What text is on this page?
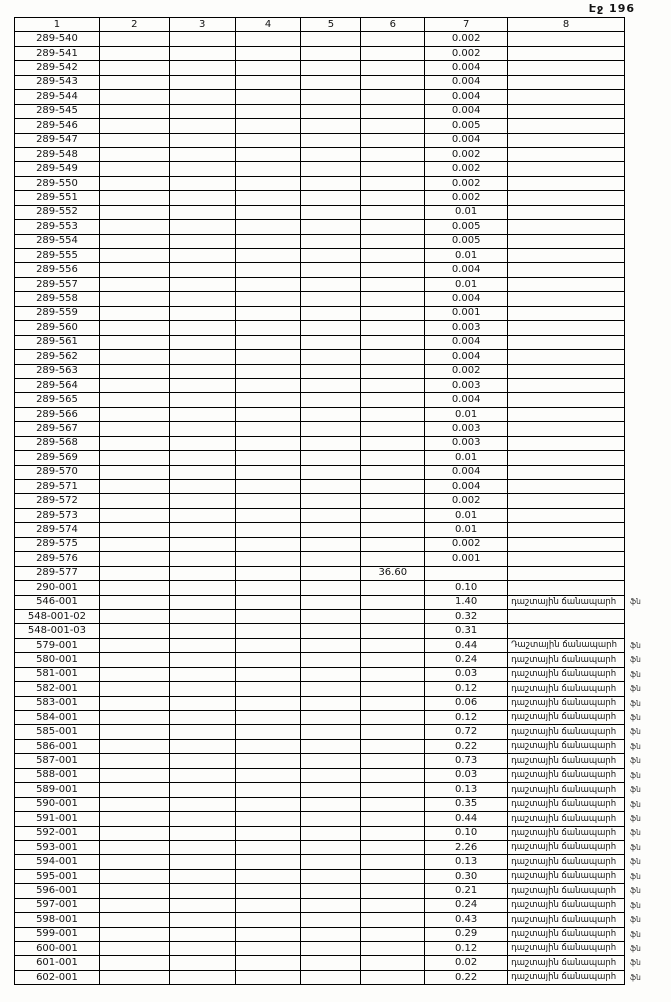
Էջ 196
1	2	3	4	5	6	7	8	
289-540						0.002		
289-541						0.002		
289-542						0.004		
289-543						0.004		
289-544						0.004		
289-545						0.004		
289-546						0.005		
289-547						0.004		
289-548						0.002		
289-549						0.002		
289-550						0.002		
289-551						0.002		
289-552						0.01		
289-553						0.005		
289-554						0.005		
289-555						0.01		
289-556						0.004		
289-557						0.01		
289-558						0.004		
289-559						0.001		
289-560						0.003		
289-561						0.004		
289-562						0.004		
289-563						0.002		
289-564						0.003		
289-565						0.004		
289-566						0.01		
289-567						0.003		
289-568						0.003		
289-569						0.01		
289-570						0.004		
289-571						0.004		
289-572						0.002		
289-573						0.01		
289-574						0.01		
289-575						0.002		
289-576						0.001		
289-577					36.60			
290-001						0.10		
546-001						1.40	դաշտային ճանապարհ	ֆն
548-001-02						0.32		
548-001-03						0.31		
579-001						0.44	Դաշտային ճանապարհ	ֆն
580-001						0.24	դաշտային ճանապարհ	ֆն
581-001						0.03	դաշտային ճանապարհ	ֆն
582-001						0.12	դաշտային ճանապարհ	ֆն
583-001						0.06	դաշտային ճանապարհ	ֆն
584-001						0.12	դաշտային ճանապարհ	ֆն
585-001						0.72	դաշտային ճանապարհ	ֆն
586-001						0.22	դաշտային ճանապարհ	ֆն
587-001						0.73	դաշտային ճանապարհ	ֆն
588-001						0.03	դաշտային ճանապարհ	ֆն
589-001						0.13	դաշտային ճանապարհ	ֆն
590-001						0.35	դաշտային ճանապարհ	ֆն
591-001						0.44	դաշտային ճանապարհ	ֆն
592-001						0.10	դաշտային ճանապարհ	ֆն
593-001						2.26	դաշտային ճանապարհ	ֆն
594-001						0.13	դաշտային ճանապարհ	ֆն
595-001						0.30	դաշտային ճանապարհ	ֆն
596-001						0.21	դաշտային ճանապարհ	ֆն
597-001						0.24	դաշտային ճանապարհ	ֆն
598-001						0.43	դաշտային ճանապարհ	ֆն
599-001						0.29	դաշտային ճանապարհ	ֆն
600-001						0.12	դաշտային ճանապարհ	ֆն
601-001						0.02	դաշտային ճանապարհ	ֆն
602-001						0.22	դաշտային ճանապարհ	ֆն
